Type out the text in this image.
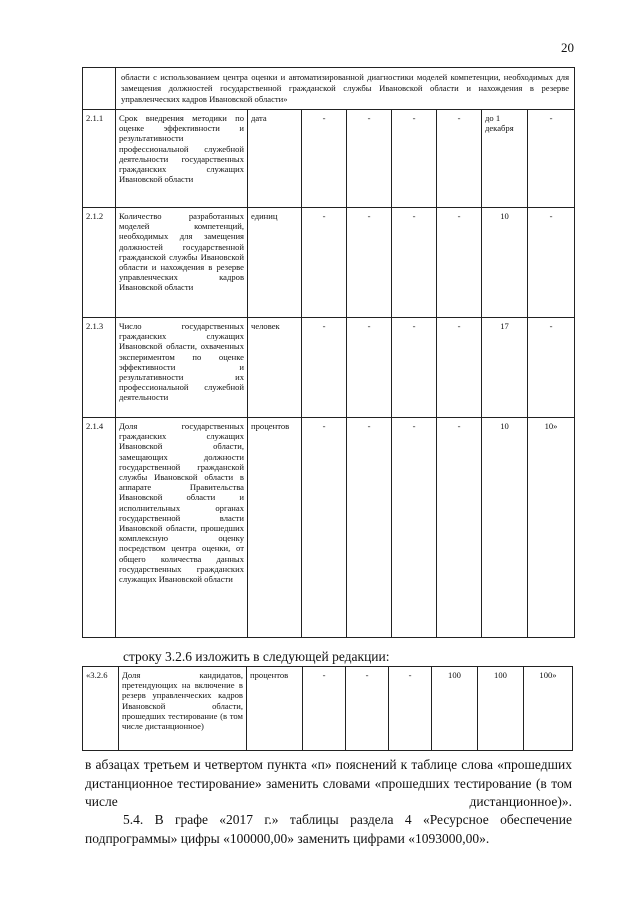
20
	области с использованием центра оценки и автоматизированной диагностики моделей компетенции, необходимых для замещения должностей государственной гражданской службы Ивановской области и нахождения в резерве управленческих кадров Ивановской области»							
2.1.1	Срок внедрения методики по оценке эффективности и результативности профессиональной служебной деятельности государственных гражданских служащих Ивановской области	дата	-	-	-	-	до 1 декабря	-
2.1.2	Количество разработанных моделей компетенций, необходимых для замещения должностей государственной гражданской службы Ивановской области и нахождения в резерве управленческих кадров Ивановской области	единиц	-	-	-	-	10	-
2.1.3	Число государственных гражданских служащих Ивановской области, охваченных экспериментом по оценке эффективности и результативности их профессиональной служебной деятельности	человек	-	-	-	-	17	-
2.1.4	Доля государственных гражданских служащих Ивановской области, замещающих должности государственной гражданской службы Ивановской области в аппарате Правительства Ивановской области и исполнительных органах государственной власти Ивановской области, прошедших комплексную оценку посредством центра оценки, от общего количества данных государственных гражданских служащих Ивановской области	процентов	-	-	-	-	10	10»
строку 3.2.6 изложить в следующей редакции:
«3.2.6	Доля кандидатов, претендующих на включение в резерв управленческих кадров Ивановской области, прошедших тестирование (в том числе дистанционное)	процентов	-	-	-	100	100	100»
в абзацах третьем и четвертом пункта «п» пояснений к таблице слова «прошедших дистанционное тестирование» заменить словами «прошедших тестирование (в том числе дистанционное)».
5.4. В графе «2017 г.» таблицы раздела 4 «Ресурсное обеспечение подпрограммы» цифры «100000,00» заменить цифрами «1093000,00».
